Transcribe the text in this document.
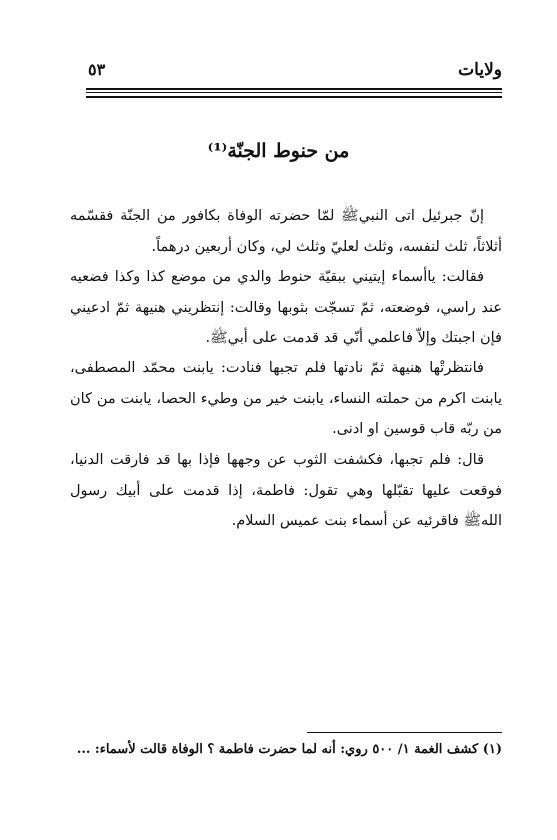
ولايات
٥٣
من حنوط الجنّة⁽¹⁾

إنّ جبرئيل اتى النبيﷺ لمّا حضرته الوفاة بكافور من الجنّة فقسّمه أثلاثاً، ثلث لنفسه، وثلث لعليّ وثلث لي، وكان أربعين درهماً.

فقالت: ياأسماء إيتيني ببقيّة حنوط والدي من موضع كذا وكذا فضعيه عند راسي، فوضعته، ثمّ تسجّت بثوبها وقالت: إنتظريني هنيهة ثمّ ادعيني فإن اجبتك وإلاّ فاعلمي أنّي قد قدمت على أبيﷺ.

فانتظرتْها هنيهة ثمّ نادتها فلم تجبها فنادت: يابنت محمّد المصطفى، يابنت اكرم من حملته النساء، يابنت خير من وطيء الحصا، يابنت من كان من ربّه قاب قوسين او ادنى.

قال: فلم تجبها، فكشفت الثوب عن وجهها فإذا بها قد فارقت الدنيا، فوقعت عليها تقبّلها وهي تقول: فاطمة، إذا قدمت على أبيك رسول اللهﷺ فاقرئيه عن أسماء بنت عميس السلام.

(١) كشف الغمة ١/ ٥٠٠ روي: أنه لما حضرت فاطمة ؟ الوفاة قالت لأسماء: ...
